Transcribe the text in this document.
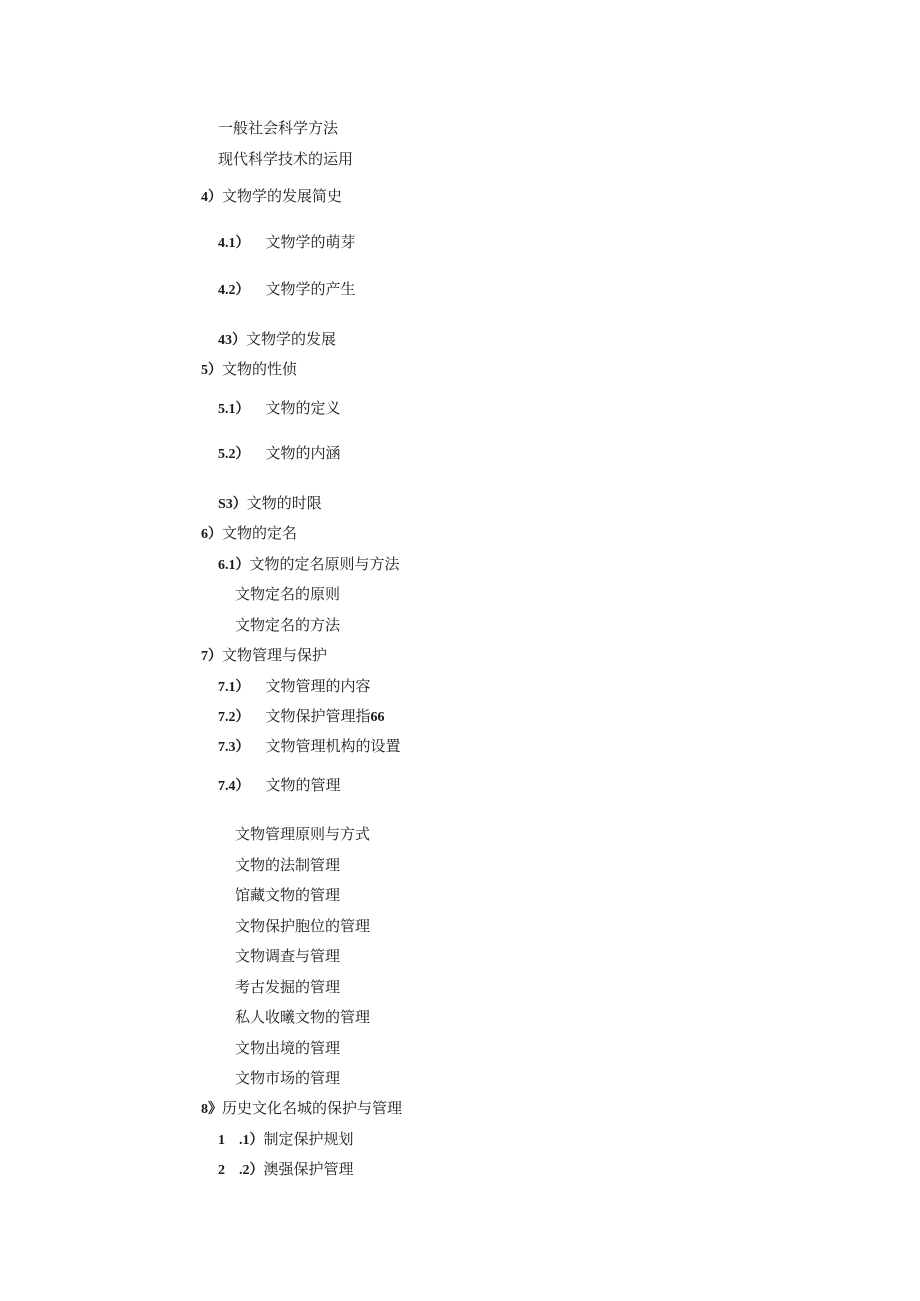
一般社会科学方法
现代科学技术的运用
4）文物学的发展简史
4.1） 文物学的萌芽
4.2） 文物学的产生
43）文物学的发展
5）文物的性侦
5.1） 文物的定义
5.2） 文物的内涵
S3）文物的时限
6）文物的定名
6.1）文物的定名原则与方法
文物定名的原则
文物定名的方法
7）文物管理与保护
7.1） 文物管理的内容
7.2） 文物保护管理指66
7.3） 文物管理机构的设置
7.4） 文物的管理
文物管理原则与方式
文物的法制管理
馆藏文物的管理
文物保护胞位的管理
文物调查与管理
考古发掘的管理
私人收曦文物的管理
文物出境的管理
文物市场的管理
8》历史文化名城的保护与管理
1 .1）制定保护规划
2 .2）澳强保护管理
